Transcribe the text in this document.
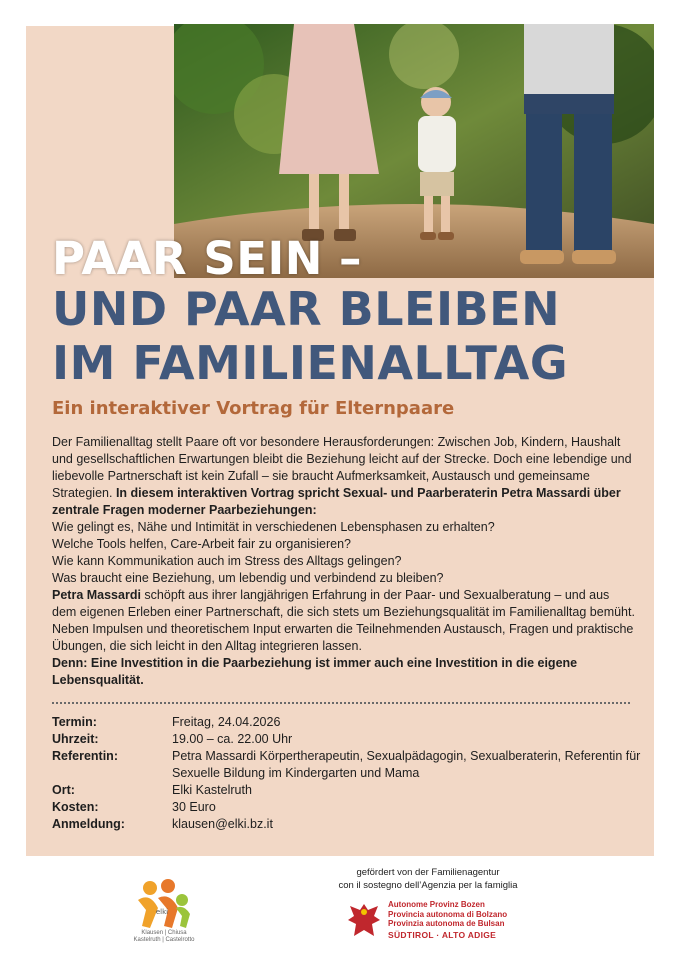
PAAR SEIN –
UND PAAR BLEIBEN
IM FAMILIENALLTAG
Ein interaktiver Vortrag für Elternpaare

Der Familienalltag stellt Paare oft vor besondere Herausforderungen: Zwischen Job, Kindern, Haushalt und gesellschaftlichen Erwartungen bleibt die Beziehung leicht auf der Strecke. Doch eine lebendige und liebevolle Partnerschaft ist kein Zufall – sie braucht Aufmerksamkeit, Austausch und gemeinsame Strategien. In diesem interaktiven Vortrag spricht Sexual- und Paarberaterin Petra Massardi über zentrale Fragen moderner Paarbeziehungen:

Wie gelingt es, Nähe und Intimität in verschiedenen Lebensphasen zu erhalten?

Welche Tools helfen, Care-Arbeit fair zu organisieren?

Wie kann Kommunikation auch im Stress des Alltags gelingen?

Was braucht eine Beziehung, um lebendig und verbindend zu bleiben?

Petra Massardi schöpft aus ihrer langjährigen Erfahrung in der Paar- und Sexualberatung – und aus dem eigenen Erleben einer Partnerschaft, die sich stets um Beziehungsqualität im Familienalltag bemüht. Neben Impulsen und theoretischem Input erwarten die Teilnehmenden Austausch, Fragen und praktische Übungen, die sich leicht in den Alltag integrieren lassen.

Denn: Eine Investition in die Paarbeziehung ist immer auch eine Investition in die eigene Lebensqualität.

Termin:	Freitag, 24.04.2026
Uhrzeit:	19.00 – ca. 22.00 Uhr
Referentin:	Petra Massardi Körpertherapeutin, Sexualpädagogin, Sexualberaterin, Referentin für Sexuelle Bildung im Kindergarten und Mama
Ort:	Elki Kastelruth
Kosten:	30 Euro
Anmeldung:	klausen@elki.bz.it
elki
Klausen | Chiusa
Kastelruth | Castelrotto
gefördert von der Familienagentur
con il sostegno dell’Agenzia per la famiglia
Autonome Provinz Bozen
Provincia autonoma di Bolzano
Provinzia autonoma de Bulsan
SÜDTIROL · ALTO ADIGE
